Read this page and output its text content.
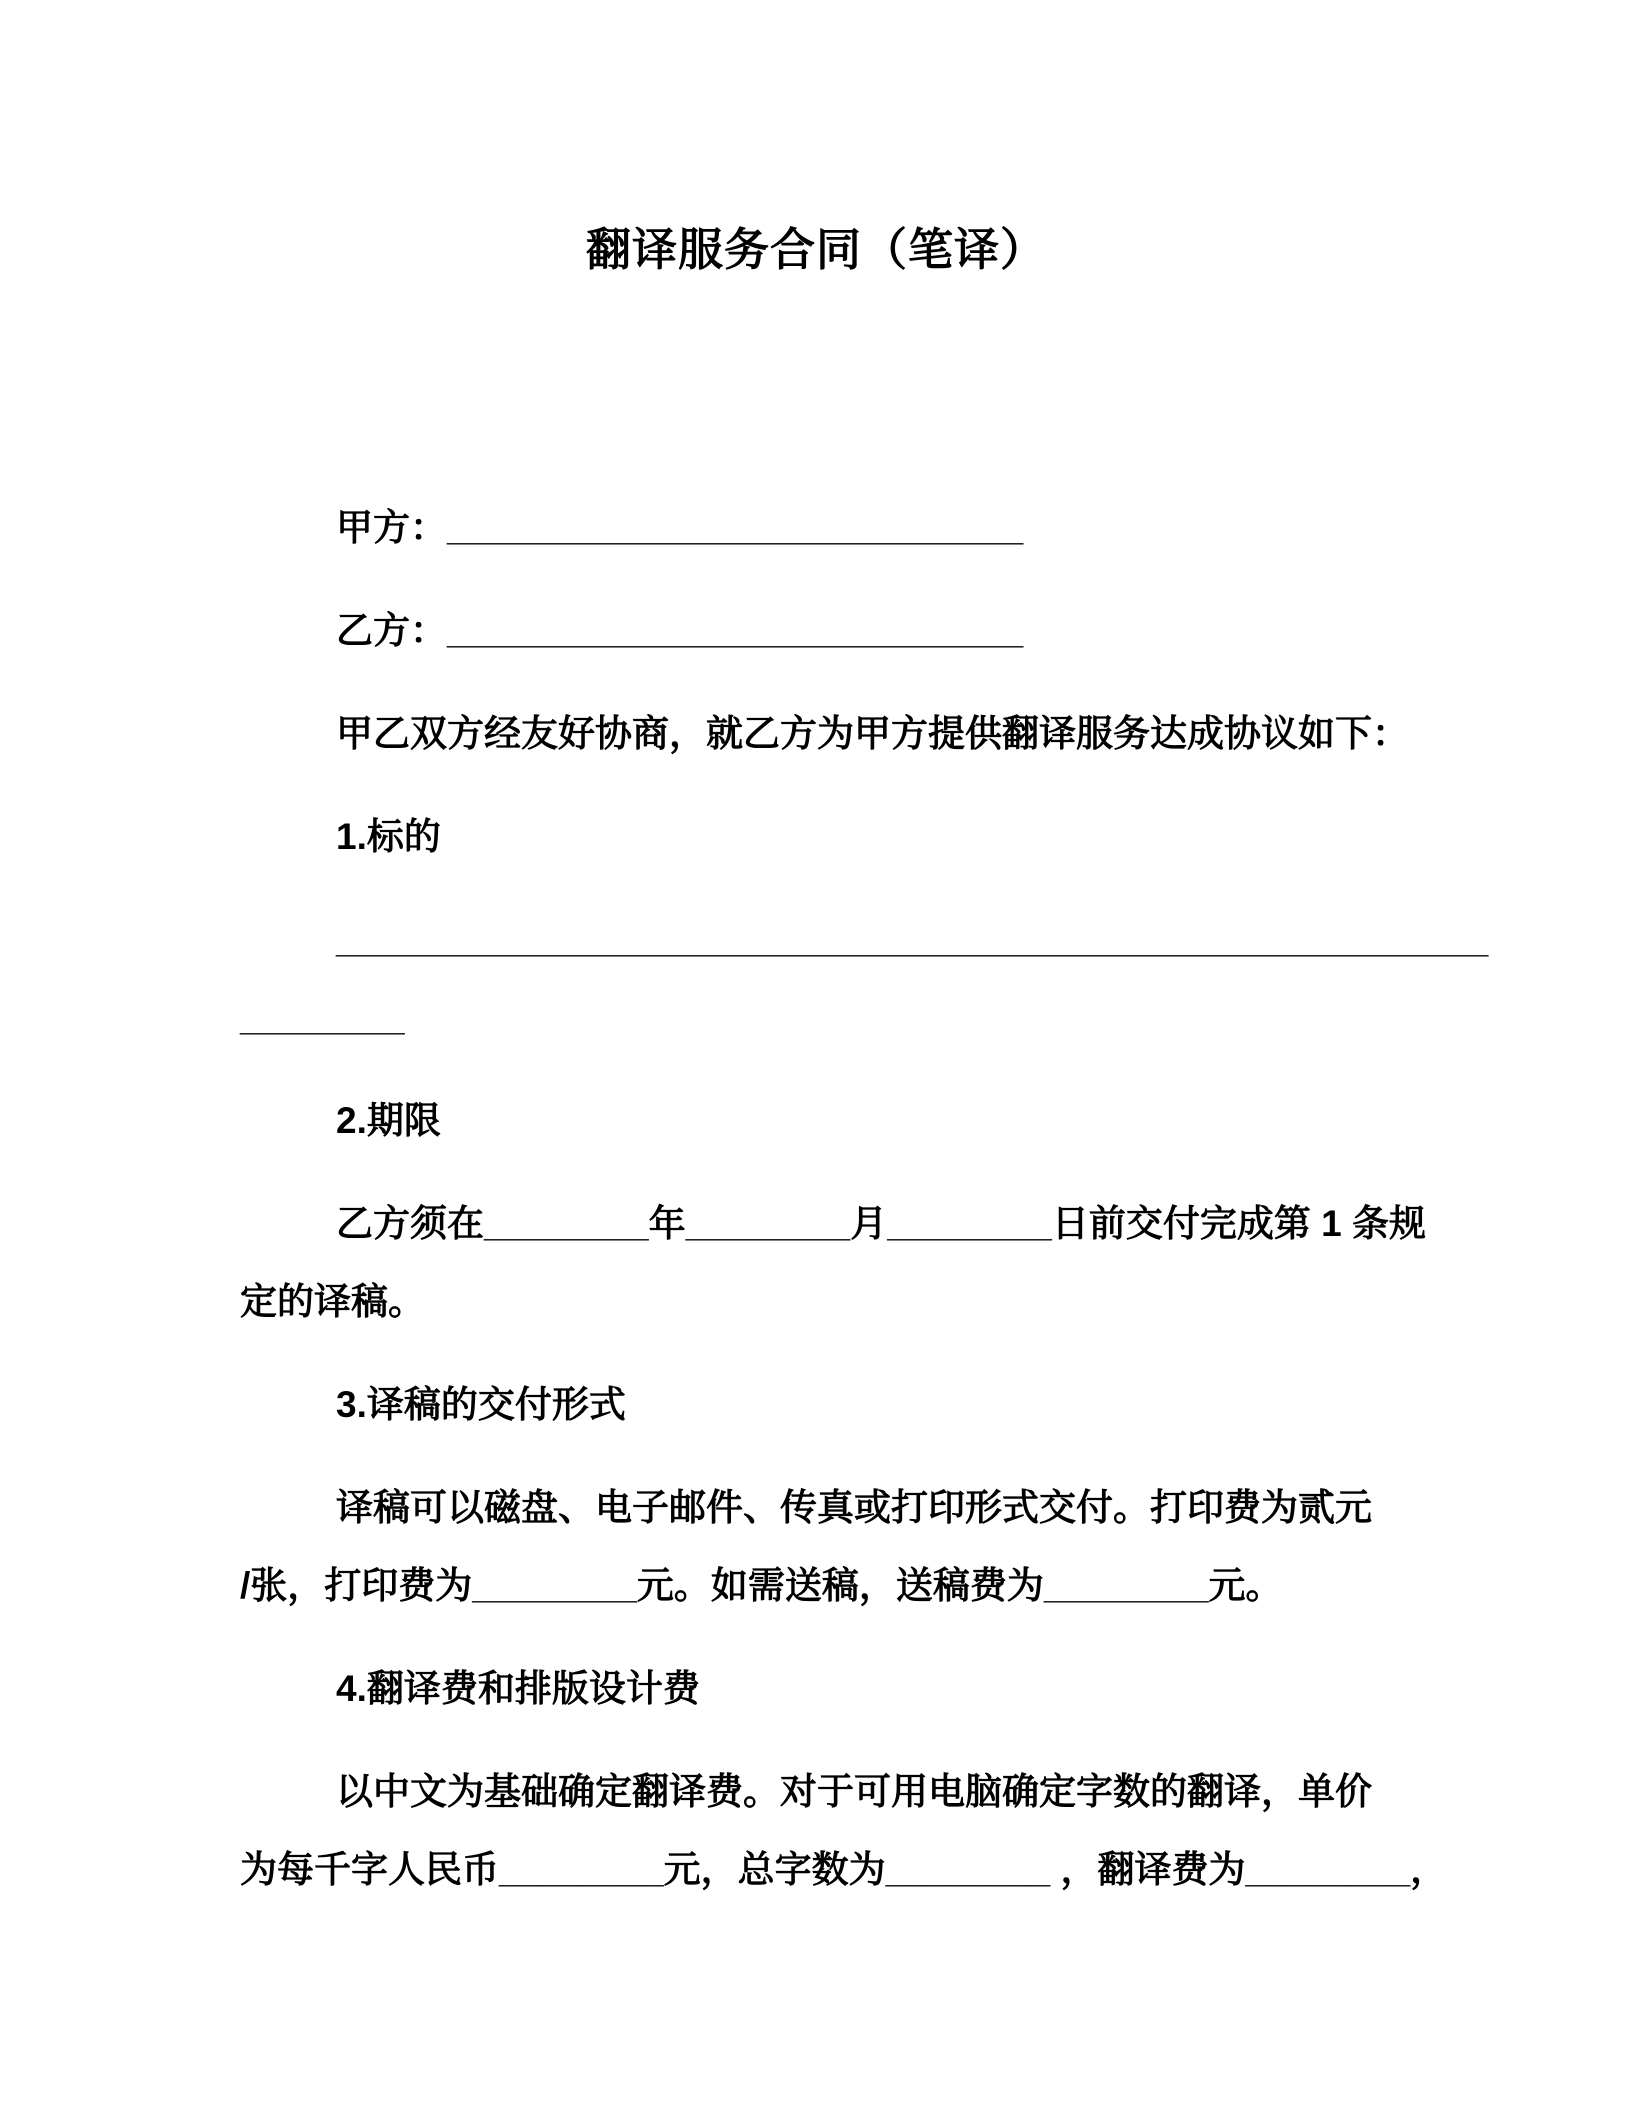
翻译服务合同（笔译）
甲方：____________________________
乙方：____________________________
甲乙双方经友好协商，就乙方为甲方提供翻译服务达成协议如下：
1.标的
________________________________________________________
________
2.期限
乙方须在________年________月________日前交付完成第 1 条规
定的译稿。
3.译稿的交付形式
译稿可以磁盘、电子邮件、传真或打印形式交付。打印费为贰元
/张，打印费为________元。如需送稿，送稿费为________元。
4.翻译费和排版设计费
以中文为基础确定翻译费。对于可用电脑确定字数的翻译，单价
为每千字人民币________元，总字数为________ ，翻译费为________，
